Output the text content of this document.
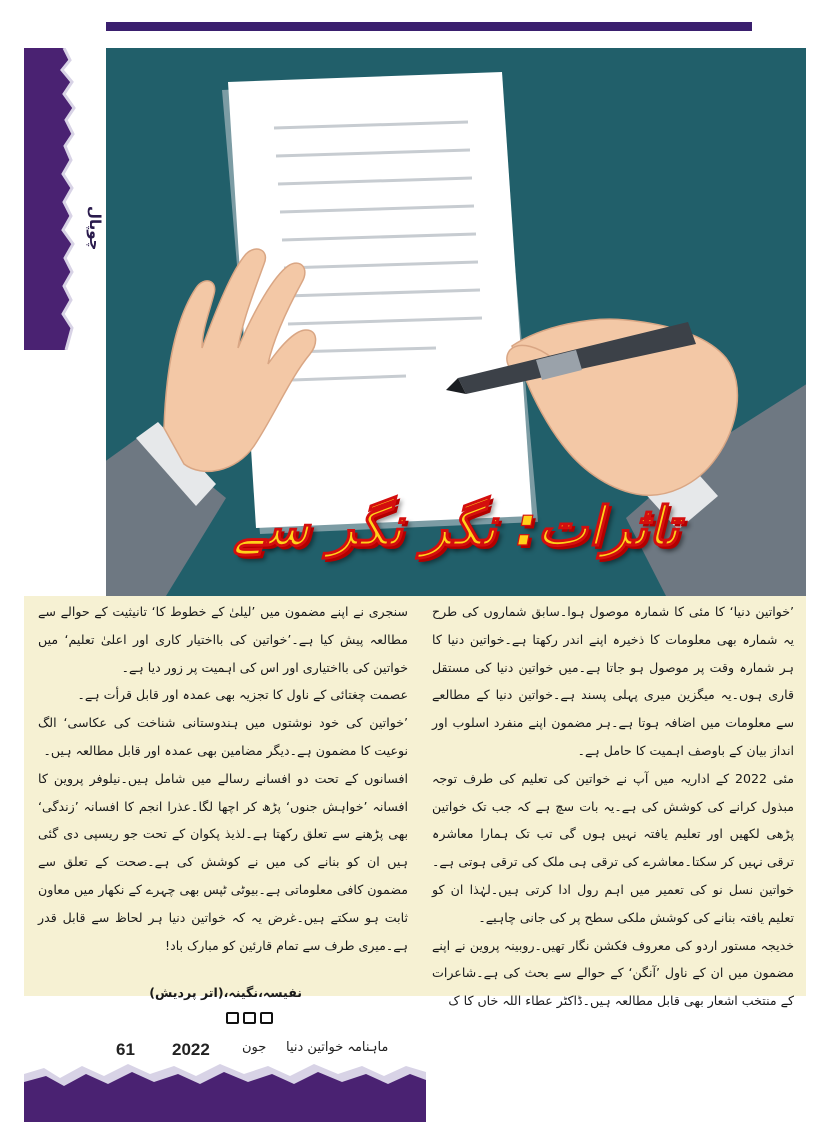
چوپال
تاثرات: نگر نگر سے

’خواتین دنیا‘ کا مئی کا شمارہ موصول ہوا۔سابق شماروں کی طرح یہ شمارہ بھی معلومات کا ذخیرہ اپنے اندر رکھتا ہے۔خواتین دنیا کا ہر شمارہ وقت پر موصول ہو جاتا ہے۔میں خواتین دنیا کی مستقل قاری ہوں۔یہ میگزین میری پہلی پسند ہے۔خواتین دنیا کے مطالعے سے معلومات میں اضافہ ہوتا ہے۔ہر مضمون اپنے منفرد اسلوب اور انداز بیان کے باوصف اہمیت کا حامل ہے۔

مئی 2022 کے اداریہ میں آپ نے خواتین کی تعلیم کی طرف توجہ مبذول کرانے کی کوشش کی ہے۔یہ بات سچ ہے کہ جب تک خواتین پڑھی لکھیں اور تعلیم یافتہ نہیں ہوں گی تب تک ہمارا معاشرہ ترقی نہیں کر سکتا۔معاشرے کی ترقی ہی ملک کی ترقی ہوتی ہے۔خواتین نسل نو کی تعمیر میں اہم رول ادا کرتی ہیں۔لہٰذا ان کو تعلیم یافتہ بنانے کی کوشش ملکی سطح پر کی جانی چاہیے۔

خدیجہ مستور اردو کی معروف فکشن نگار تھیں۔روبینہ پروین نے اپنے مضمون میں ان کے ناول ’آنگن‘ کے حوالے سے بحث کی ہے۔شاعرات کے منتخب اشعار بھی قابل مطالعہ ہیں۔ڈاکٹر عطاء اللہ خاں کا ک

سنجری نے اپنے مضمون میں ’لیلیٰ کے خطوط کا‘ تانیثیت کے حوالے سے مطالعہ پیش کیا ہے۔’خواتین کی بااختیار کاری اور اعلیٰ تعلیم‘ میں خواتین کی بااختیاری اور اس کی اہمیت پر زور دیا ہے۔

عصمت چغتائی کے ناول کا تجزیہ بھی عمدہ اور قابل قرأت ہے۔

’خواتین کی خود نوشتوں میں ہندوستانی شناخت کی عکاسی‘ الگ نوعیت کا مضمون ہے۔دیگر مضامین بھی عمدہ اور قابل مطالعہ ہیں۔

افسانوں کے تحت دو افسانے رسالے میں شامل ہیں۔نیلوفر پروین کا افسانہ ’خواہش جنوں‘ پڑھ کر اچھا لگا۔عذرا انجم کا افسانہ ’زندگی‘ بھی پڑھنے سے تعلق رکھتا ہے۔لذیذ پکوان کے تحت جو ریسپی دی گئی ہیں ان کو بنانے کی میں نے کوشش کی ہے۔صحت کے تعلق سے مضمون کافی معلوماتی ہے۔بیوٹی ٹپس بھی چہرے کے نکھار میں معاون ثابت ہو سکتے ہیں۔غرض یہ کہ خواتین دنیا ہر لحاظ سے قابل قدر ہے۔میری طرف سے تمام قارئین کو مبارک باد!

نفیسہ،نگینہ،(اتر پردیش)
61 2022 جون ماہنامہ خواتین دنیا
